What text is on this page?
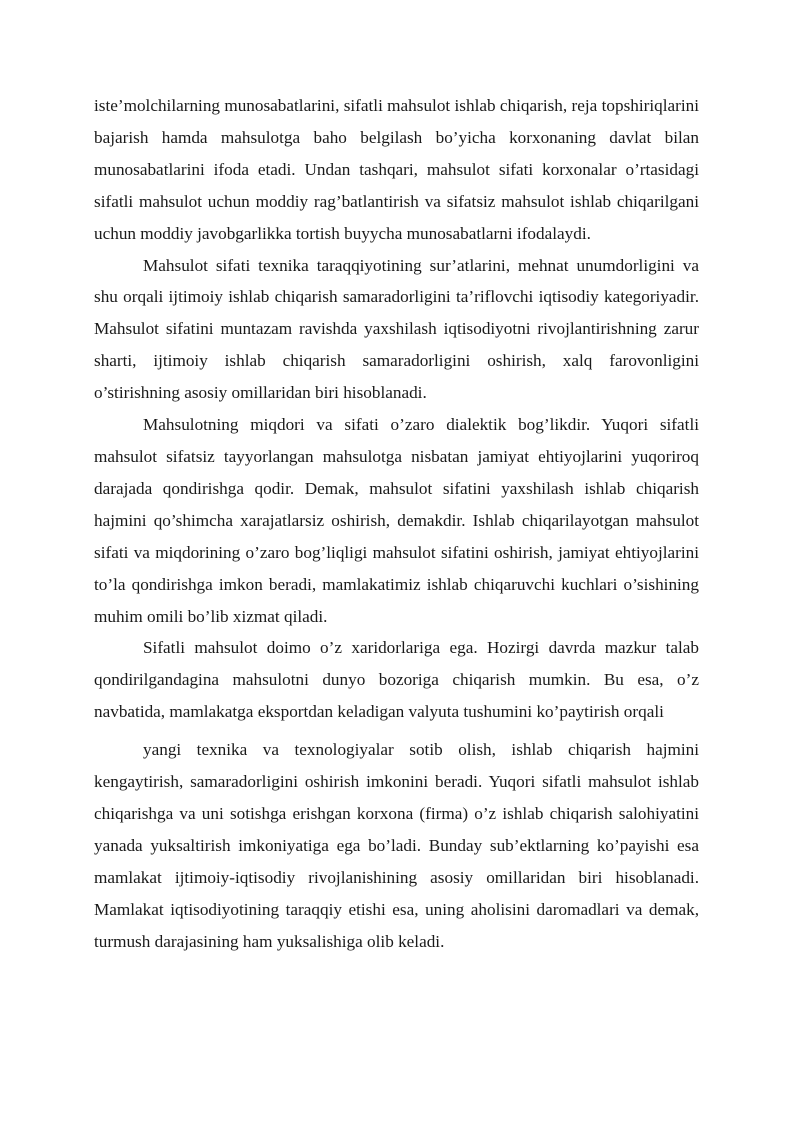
iste’molchilarning munosabatlarini, sifatli mahsulot ishlab chiqarish, reja topshiriqlarini bajarish hamda mahsulotga baho belgilash bo’yicha korxonaning davlat bilan munosabatlarini ifoda etadi. Undan tashqari, mahsulot sifati korxonalar o’rtasidagi sifatli mahsulot uchun moddiy rag’batlantirish va sifatsiz mahsulot ishlab chiqarilgani uchun moddiy javobgarlikka tortish buyycha munosabatlarni ifodalaydi.

Mahsulot sifati texnika taraqqiyotining sur’atlarini, mehnat unumdorligini va shu orqali ijtimoiy ishlab chiqarish samaradorligini ta’riflovchi iqtisodiy kategoriyadir. Mahsulot sifatini muntazam ravishda yaxshilash iqtisodiyotni rivojlantirishning zarur sharti, ijtimoiy ishlab chiqarish samaradorligini oshirish, xalq farovonligini o’stirishning asosiy omillaridan biri hisoblanadi.

Mahsulotning miqdori va sifati o’zaro dialektik bog’likdir. Yuqori sifatli mahsulot sifatsiz tayyorlangan mahsulotga nisbatan jamiyat ehtiyojlarini yuqoriroq darajada qondirishga qodir. Demak, mahsulot sifatini yaxshilash ishlab chiqarish hajmini qo’shimcha xarajatlarsiz oshirish, demakdir. Ishlab chiqarilayotgan mahsulot sifati va miqdorining o’zaro bog’liqligi mahsulot sifatini oshirish, jamiyat ehtiyojlarini to’la qondirishga imkon beradi, mamlakatimiz ishlab chiqaruvchi kuchlari o’sishining muhim omili bo’lib xizmat qiladi.

Sifatli mahsulot doimo o’z xaridorlariga ega. Hozirgi davrda mazkur talab qondirilgandagina mahsulotni dunyo bozoriga chiqarish mumkin. Bu esa, o’z navbatida, mamlakatga eksportdan keladigan valyuta tushumini ko’paytirish orqali

yangi texnika va texnologiyalar sotib olish, ishlab chiqarish hajmini kengaytirish, samaradorligini oshirish imkonini beradi. Yuqori sifatli mahsulot ishlab chiqarishga va uni sotishga erishgan korxona (firma) o’z ishlab chiqarish salohiyatini yanada yuksaltirish imkoniyatiga ega bo’ladi. Bunday sub’ektlarning ko’payishi esa mamlakat ijtimoiy-iqtisodiy rivojlanishining asosiy omillaridan biri hisoblanadi. Mamlakat iqtisodiyotining taraqqiy etishi esa, uning aholisini daromadlari va demak, turmush darajasining ham yuksalishiga olib keladi.
